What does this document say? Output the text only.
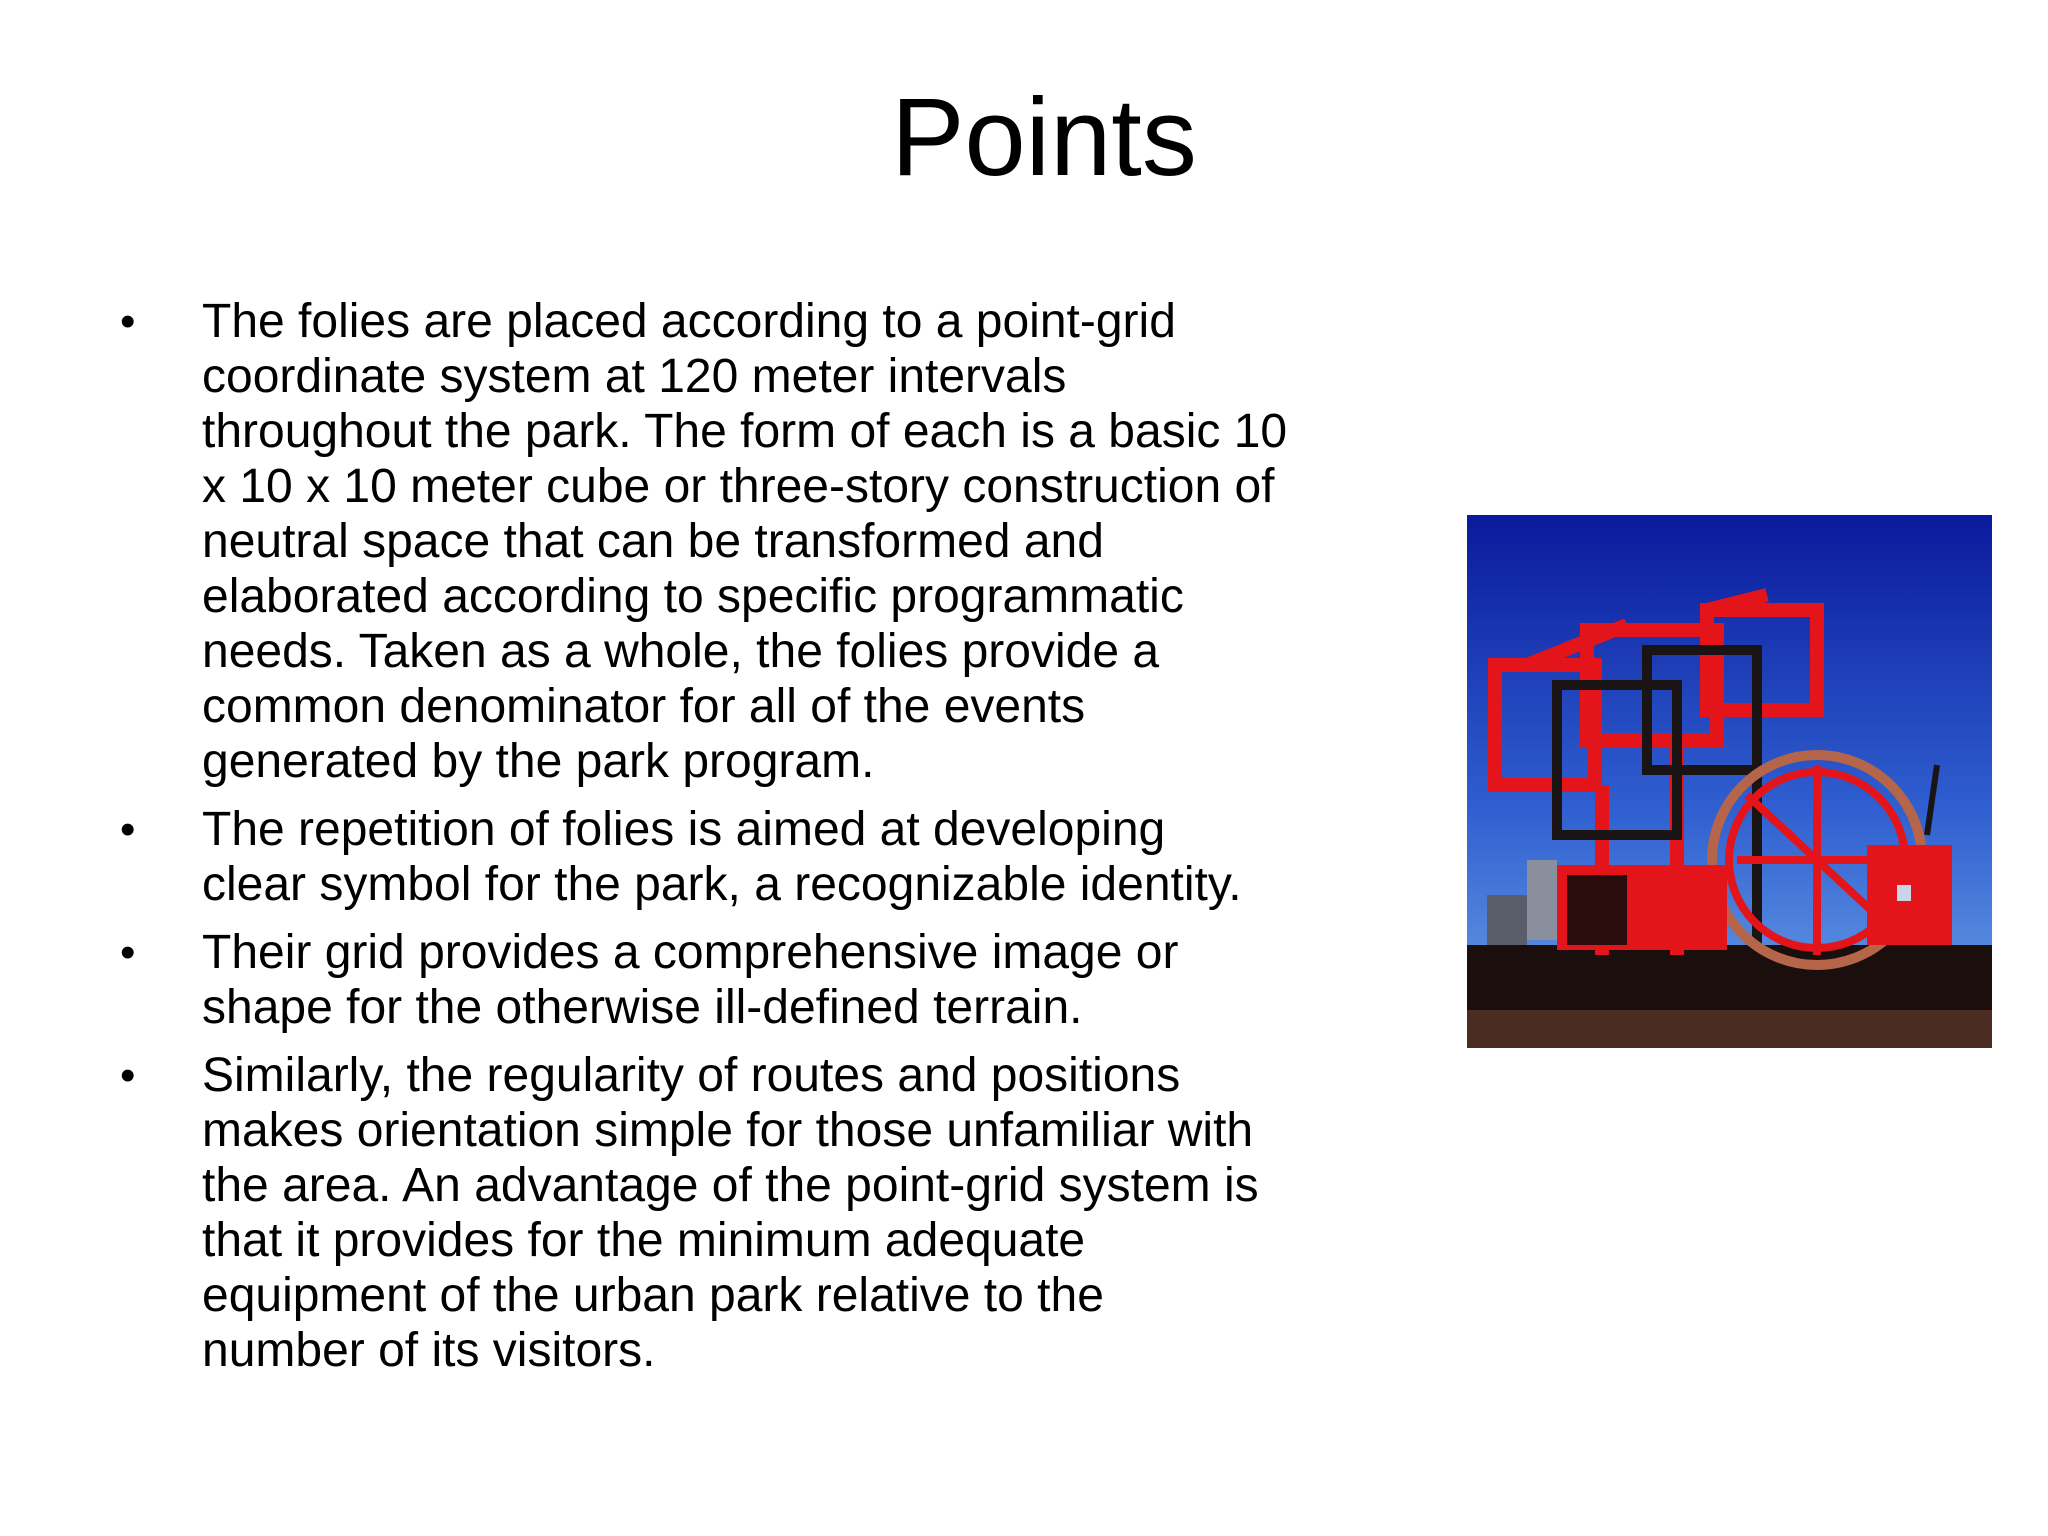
Points
• The folies are placed according to a point-grid
coordinate system at 120 meter intervals
throughout the park. The form of each is a basic 10
x 10 x 10 meter cube or three-story construction of
neutral space that can be transformed and
elaborated according to specific programmatic
needs. Taken as a whole, the folies provide a
common denominator for all of the events
generated by the park program.
• The repetition of folies is aimed at developing
clear symbol for the park, a recognizable identity.
• Their grid provides a comprehensive image or
shape for the otherwise ill-defined terrain.
• Similarly, the regularity of routes and positions
makes orientation simple for those unfamiliar with
the area. An advantage of the point-grid system is
that it provides for the minimum adequate
equipment of the urban park relative to the
number of its visitors.
